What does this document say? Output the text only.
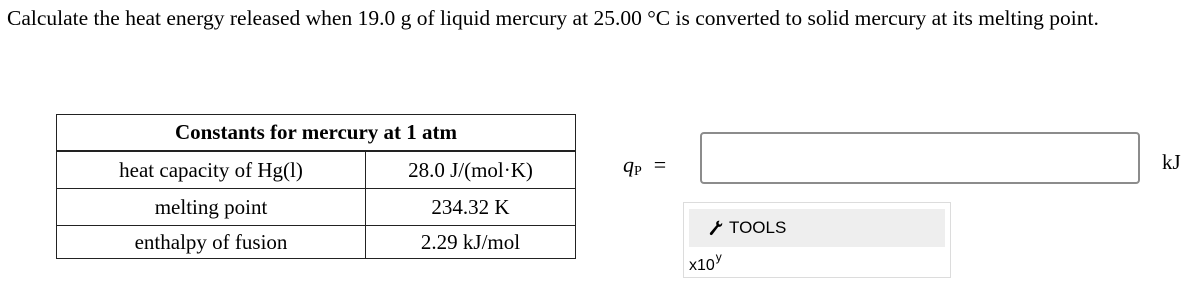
Calculate the heat energy released when 19.0 g of liquid mercury at 25.00 °C is converted to solid mercury at its melting point.
Constants for mercury at 1 atm	
heat capacity of Hg(l)	28.0 J/(mol·K)
melting point	234.32 K
enthalpy of fusion	2.29 kJ/mol
$q_P$ =	kJ
TOOLS
x10$^y$
